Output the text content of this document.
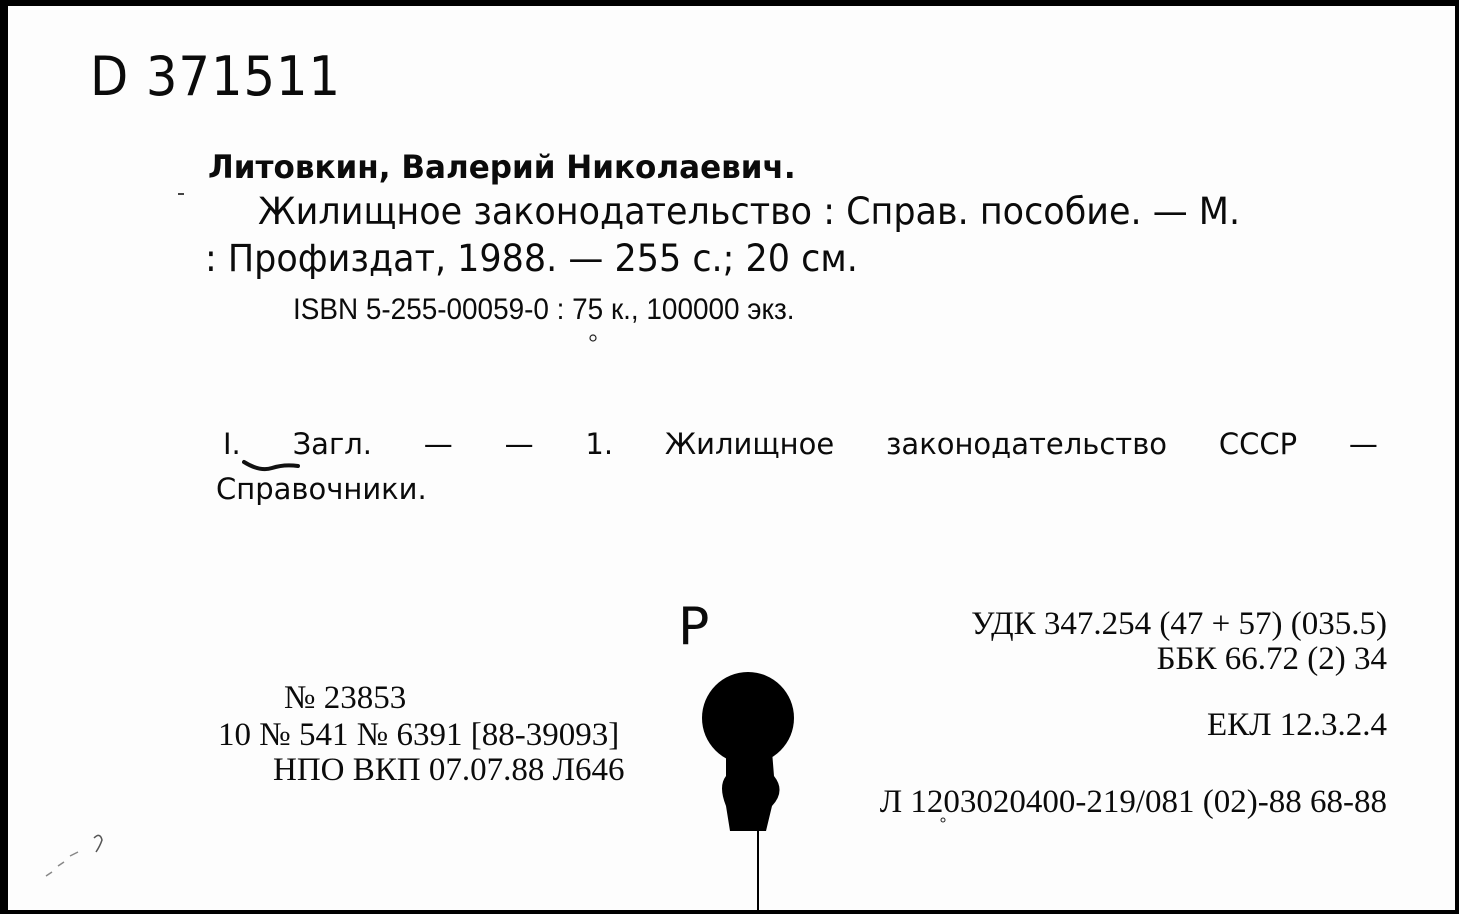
D 371511

Литовкин, Валерий Николаевич.

Жилищное законодательство : Справ. пособие. — М.

: Профиздат, 1988. — 255 с.; 20 см.

ISBN 5-255-00059-0 : 75 к., 100000 экз.

I. Загл. — — 1. Жилищное законодательство СССР —

Справочники.

Р	УДК 347.254 (47 + 57) (035.5)
ББК 66.72 (2) 34
ЕКЛ 12.3.2.4
Л 1203020400-219/081 (02)-88 68-88
№ 23853
10 № 541 № 6391 [88-39093]
НПО ВКП 07.07.88 Л646
